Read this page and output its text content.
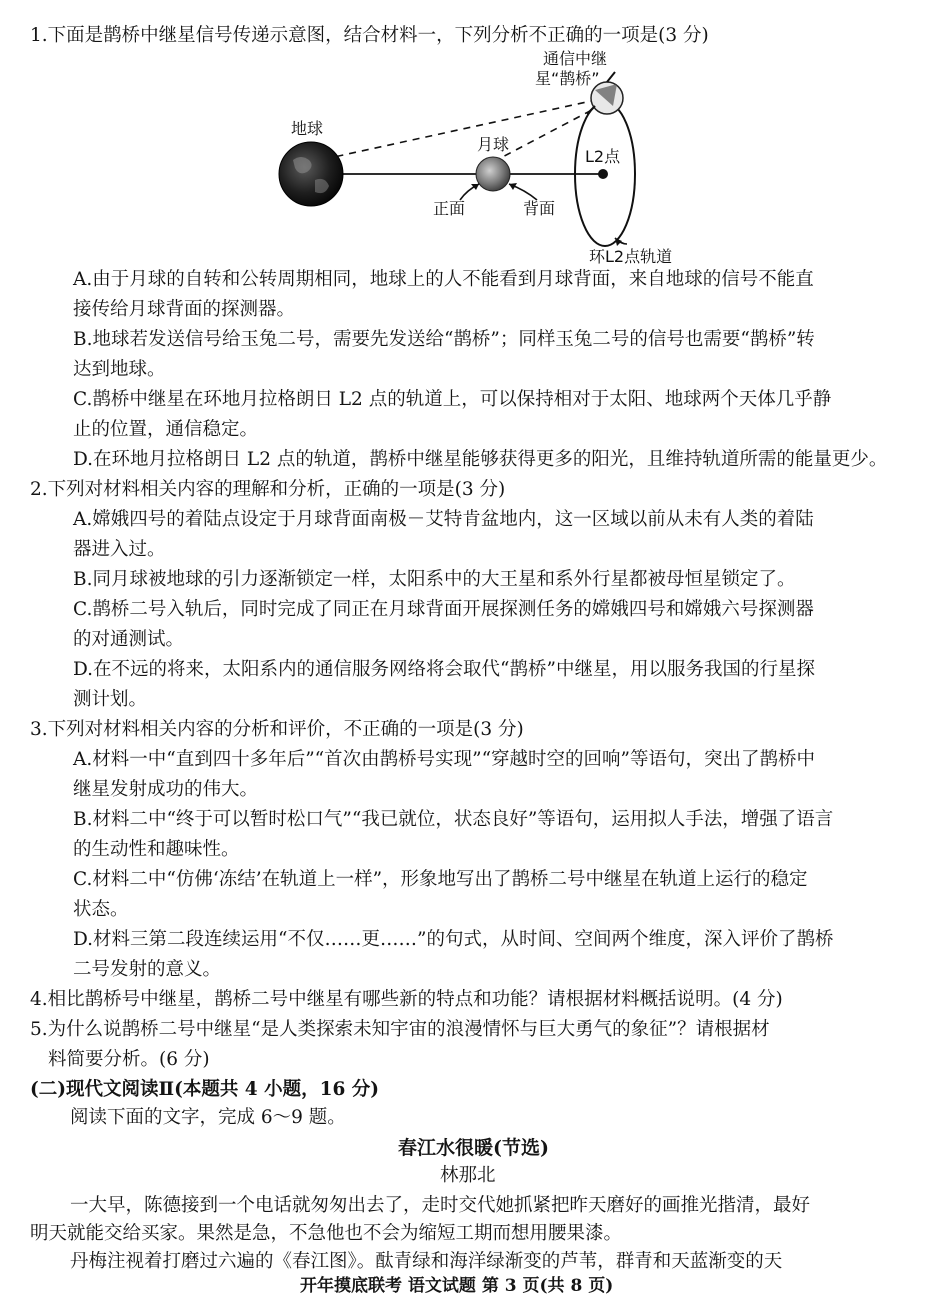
1.下面是鹊桥中继星信号传递示意图，结合材料一，下列分析不正确的一项是(3 分)
通信中继
星“鹊桥”
地球
月球
L2点
正面	背面
环L2点轨道
A.由于月球的自转和公转周期相同，地球上的人不能看到月球背面，来自地球的信号不能直
接传给月球背面的探测器。
B.地球若发送信号给玉兔二号，需要先发送给“鹊桥”；同样玉兔二号的信号也需要“鹊桥”转
达到地球。
C.鹊桥中继星在环地月拉格朗日 L2 点的轨道上，可以保持相对于太阳、地球两个天体几乎静
止的位置，通信稳定。
D.在环地月拉格朗日 L2 点的轨道，鹊桥中继星能够获得更多的阳光，且维持轨道所需的能量更少。
2.下列对材料相关内容的理解和分析，正确的一项是(3 分)
A.嫦娥四号的着陆点设定于月球背面南极－艾特肯盆地内，这一区域以前从未有人类的着陆
器进入过。
B.同月球被地球的引力逐渐锁定一样，太阳系中的大王星和系外行星都被母恒星锁定了。
C.鹊桥二号入轨后，同时完成了同正在月球背面开展探测任务的嫦娥四号和嫦娥六号探测器
的对通测试。
D.在不远的将来，太阳系内的通信服务网络将会取代“鹊桥”中继星，用以服务我国的行星探
测计划。
3.下列对材料相关内容的分析和评价，不正确的一项是(3 分)
A.材料一中“直到四十多年后”“首次由鹊桥号实现”“穿越时空的回响”等语句，突出了鹊桥中
继星发射成功的伟大。
B.材料二中“终于可以暂时松口气”“我已就位，状态良好”等语句，运用拟人手法，增强了语言
的生动性和趣味性。
C.材料二中“仿佛‘冻结’在轨道上一样”，形象地写出了鹊桥二号中继星在轨道上运行的稳定
状态。
D.材料三第二段连续运用“不仅……更……”的句式，从时间、空间两个维度，深入评价了鹊桥
二号发射的意义。
4.相比鹊桥号中继星，鹊桥二号中继星有哪些新的特点和功能？请根据材料概括说明。(4 分)
5.为什么说鹊桥二号中继星“是人类探索未知宇宙的浪漫情怀与巨大勇气的象征”？请根据材
料简要分析。(6 分)
(二)现代文阅读Ⅱ(本题共 4 小题，16 分)
阅读下面的文字，完成 6～9 题。
春江水很暖(节选)
林那北
一大早，陈德接到一个电话就匆匆出去了，走时交代她抓紧把昨天磨好的画推光揩清，最好
明天就能交给买家。果然是急，不急他也不会为缩短工期而想用腰果漆。
丹梅注视着打磨过六遍的《春江图》。酞青绿和海洋绿渐变的芦苇，群青和天蓝渐变的天
开年摸底联考 语文试题 第 3 页(共 8 页)
